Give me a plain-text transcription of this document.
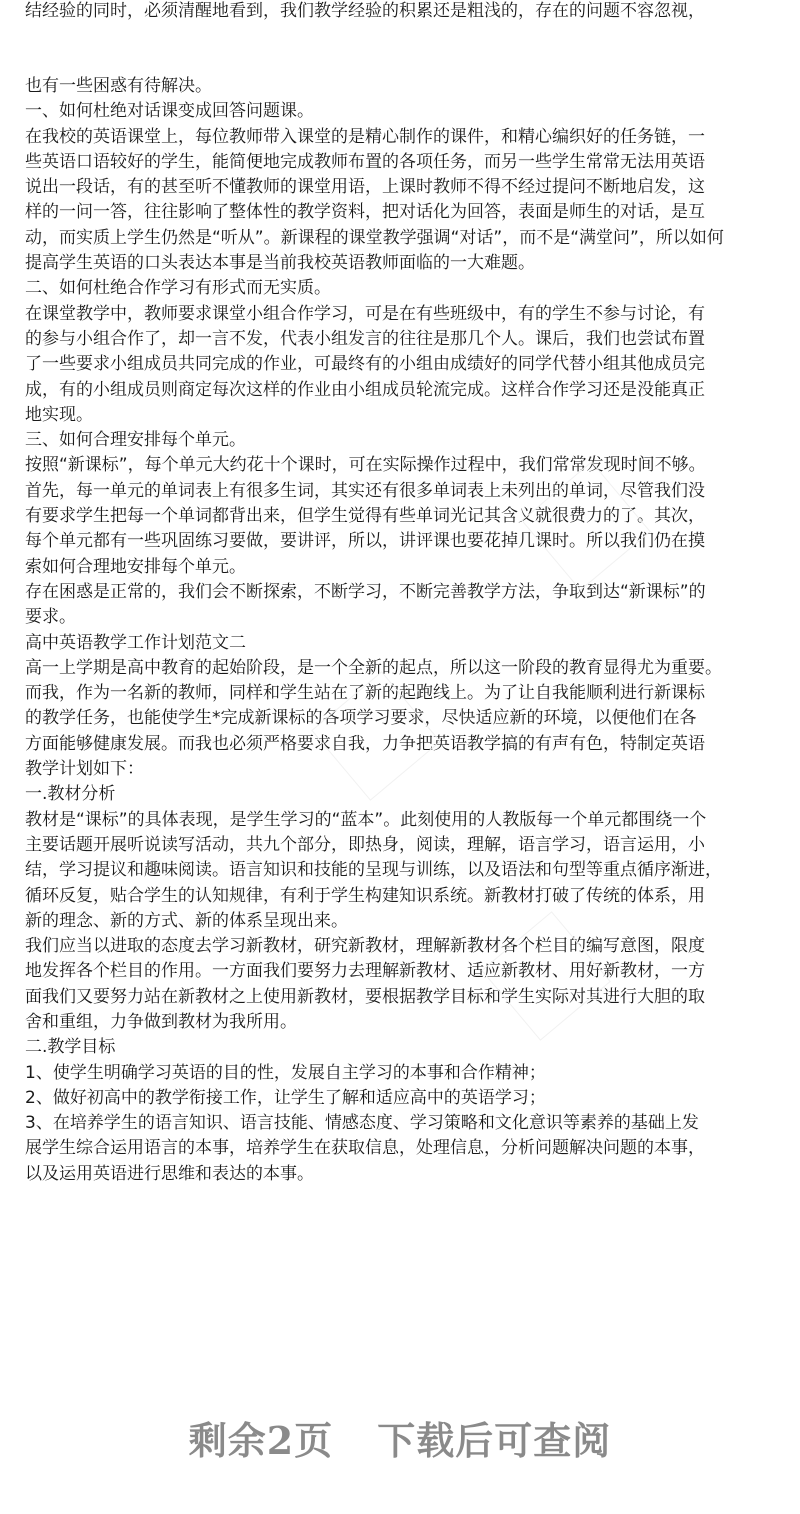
结经验的同时，必须清醒地看到，我们教学经验的积累还是粗浅的，存在的问题不容忽视，
也有一些困惑有待解决。
一、如何杜绝对话课变成回答问题课。
在我校的英语课堂上，每位教师带入课堂的是精心制作的课件，和精心编织好的任务链，一
些英语口语较好的学生，能简便地完成教师布置的各项任务，而另一些学生常常无法用英语
说出一段话，有的甚至听不懂教师的课堂用语，上课时教师不得不经过提问不断地启发，这
样的一问一答，往往影响了整体性的教学资料，把对话化为回答，表面是师生的对话，是互
动，而实质上学生仍然是“听从”。新课程的课堂教学强调“对话”，而不是“满堂问”，所以如何
提高学生英语的口头表达本事是当前我校英语教师面临的一大难题。
二、如何杜绝合作学习有形式而无实质。
在课堂教学中，教师要求课堂小组合作学习，可是在有些班级中，有的学生不参与讨论，有
的参与小组合作了，却一言不发，代表小组发言的往往是那几个人。课后，我们也尝试布置
了一些要求小组成员共同完成的作业，可最终有的小组由成绩好的同学代替小组其他成员完
成，有的小组成员则商定每次这样的作业由小组成员轮流完成。这样合作学习还是没能真正
地实现。
三、如何合理安排每个单元。
按照“新课标”，每个单元大约花十个课时，可在实际操作过程中，我们常常发现时间不够。
首先，每一单元的单词表上有很多生词，其实还有很多单词表上未列出的单词，尽管我们没
有要求学生把每一个单词都背出来，但学生觉得有些单词光记其含义就很费力的了。其次，
每个单元都有一些巩固练习要做，要讲评，所以，讲评课也要花掉几课时。所以我们仍在摸
索如何合理地安排每个单元。
存在困惑是正常的，我们会不断探索，不断学习，不断完善教学方法，争取到达“新课标”的
要求。
高中英语教学工作计划范文二
高一上学期是高中教育的起始阶段，是一个全新的起点，所以这一阶段的教育显得尤为重要。
而我，作为一名新的教师，同样和学生站在了新的起跑线上。为了让自我能顺利进行新课标
的教学任务，也能使学生*完成新课标的各项学习要求，尽快适应新的环境，以便他们在各
方面能够健康发展。而我也必须严格要求自我，力争把英语教学搞的有声有色，特制定英语
教学计划如下：
一.教材分析
教材是“课标”的具体表现，是学生学习的“蓝本”。此刻使用的人教版每一个单元都围绕一个
主要话题开展听说读写活动，共九个部分，即热身，阅读，理解，语言学习，语言运用，小
结，学习提议和趣味阅读。语言知识和技能的呈现与训练，以及语法和句型等重点循序渐进，
循环反复，贴合学生的认知规律，有利于学生构建知识系统。新教材打破了传统的体系，用
新的理念、新的方式、新的体系呈现出来。
我们应当以进取的态度去学习新教材，研究新教材，理解新教材各个栏目的编写意图，限度
地发挥各个栏目的作用。一方面我们要努力去理解新教材、适应新教材、用好新教材，一方
面我们又要努力站在新教材之上使用新教材，要根据教学目标和学生实际对其进行大胆的取
舍和重组，力争做到教材为我所用。
二.教学目标
1、使学生明确学习英语的目的性，发展自主学习的本事和合作精神；
2、做好初高中的教学衔接工作，让学生了解和适应高中的英语学习；
3、在培养学生的语言知识、语言技能、情感态度、学习策略和文化意识等素养的基础上发
展学生综合运用语言的本事，培养学生在获取信息，处理信息，分析问题解决问题的本事，
以及运用英语进行思维和表达的本事。
剩余2页 下载后可查阅
